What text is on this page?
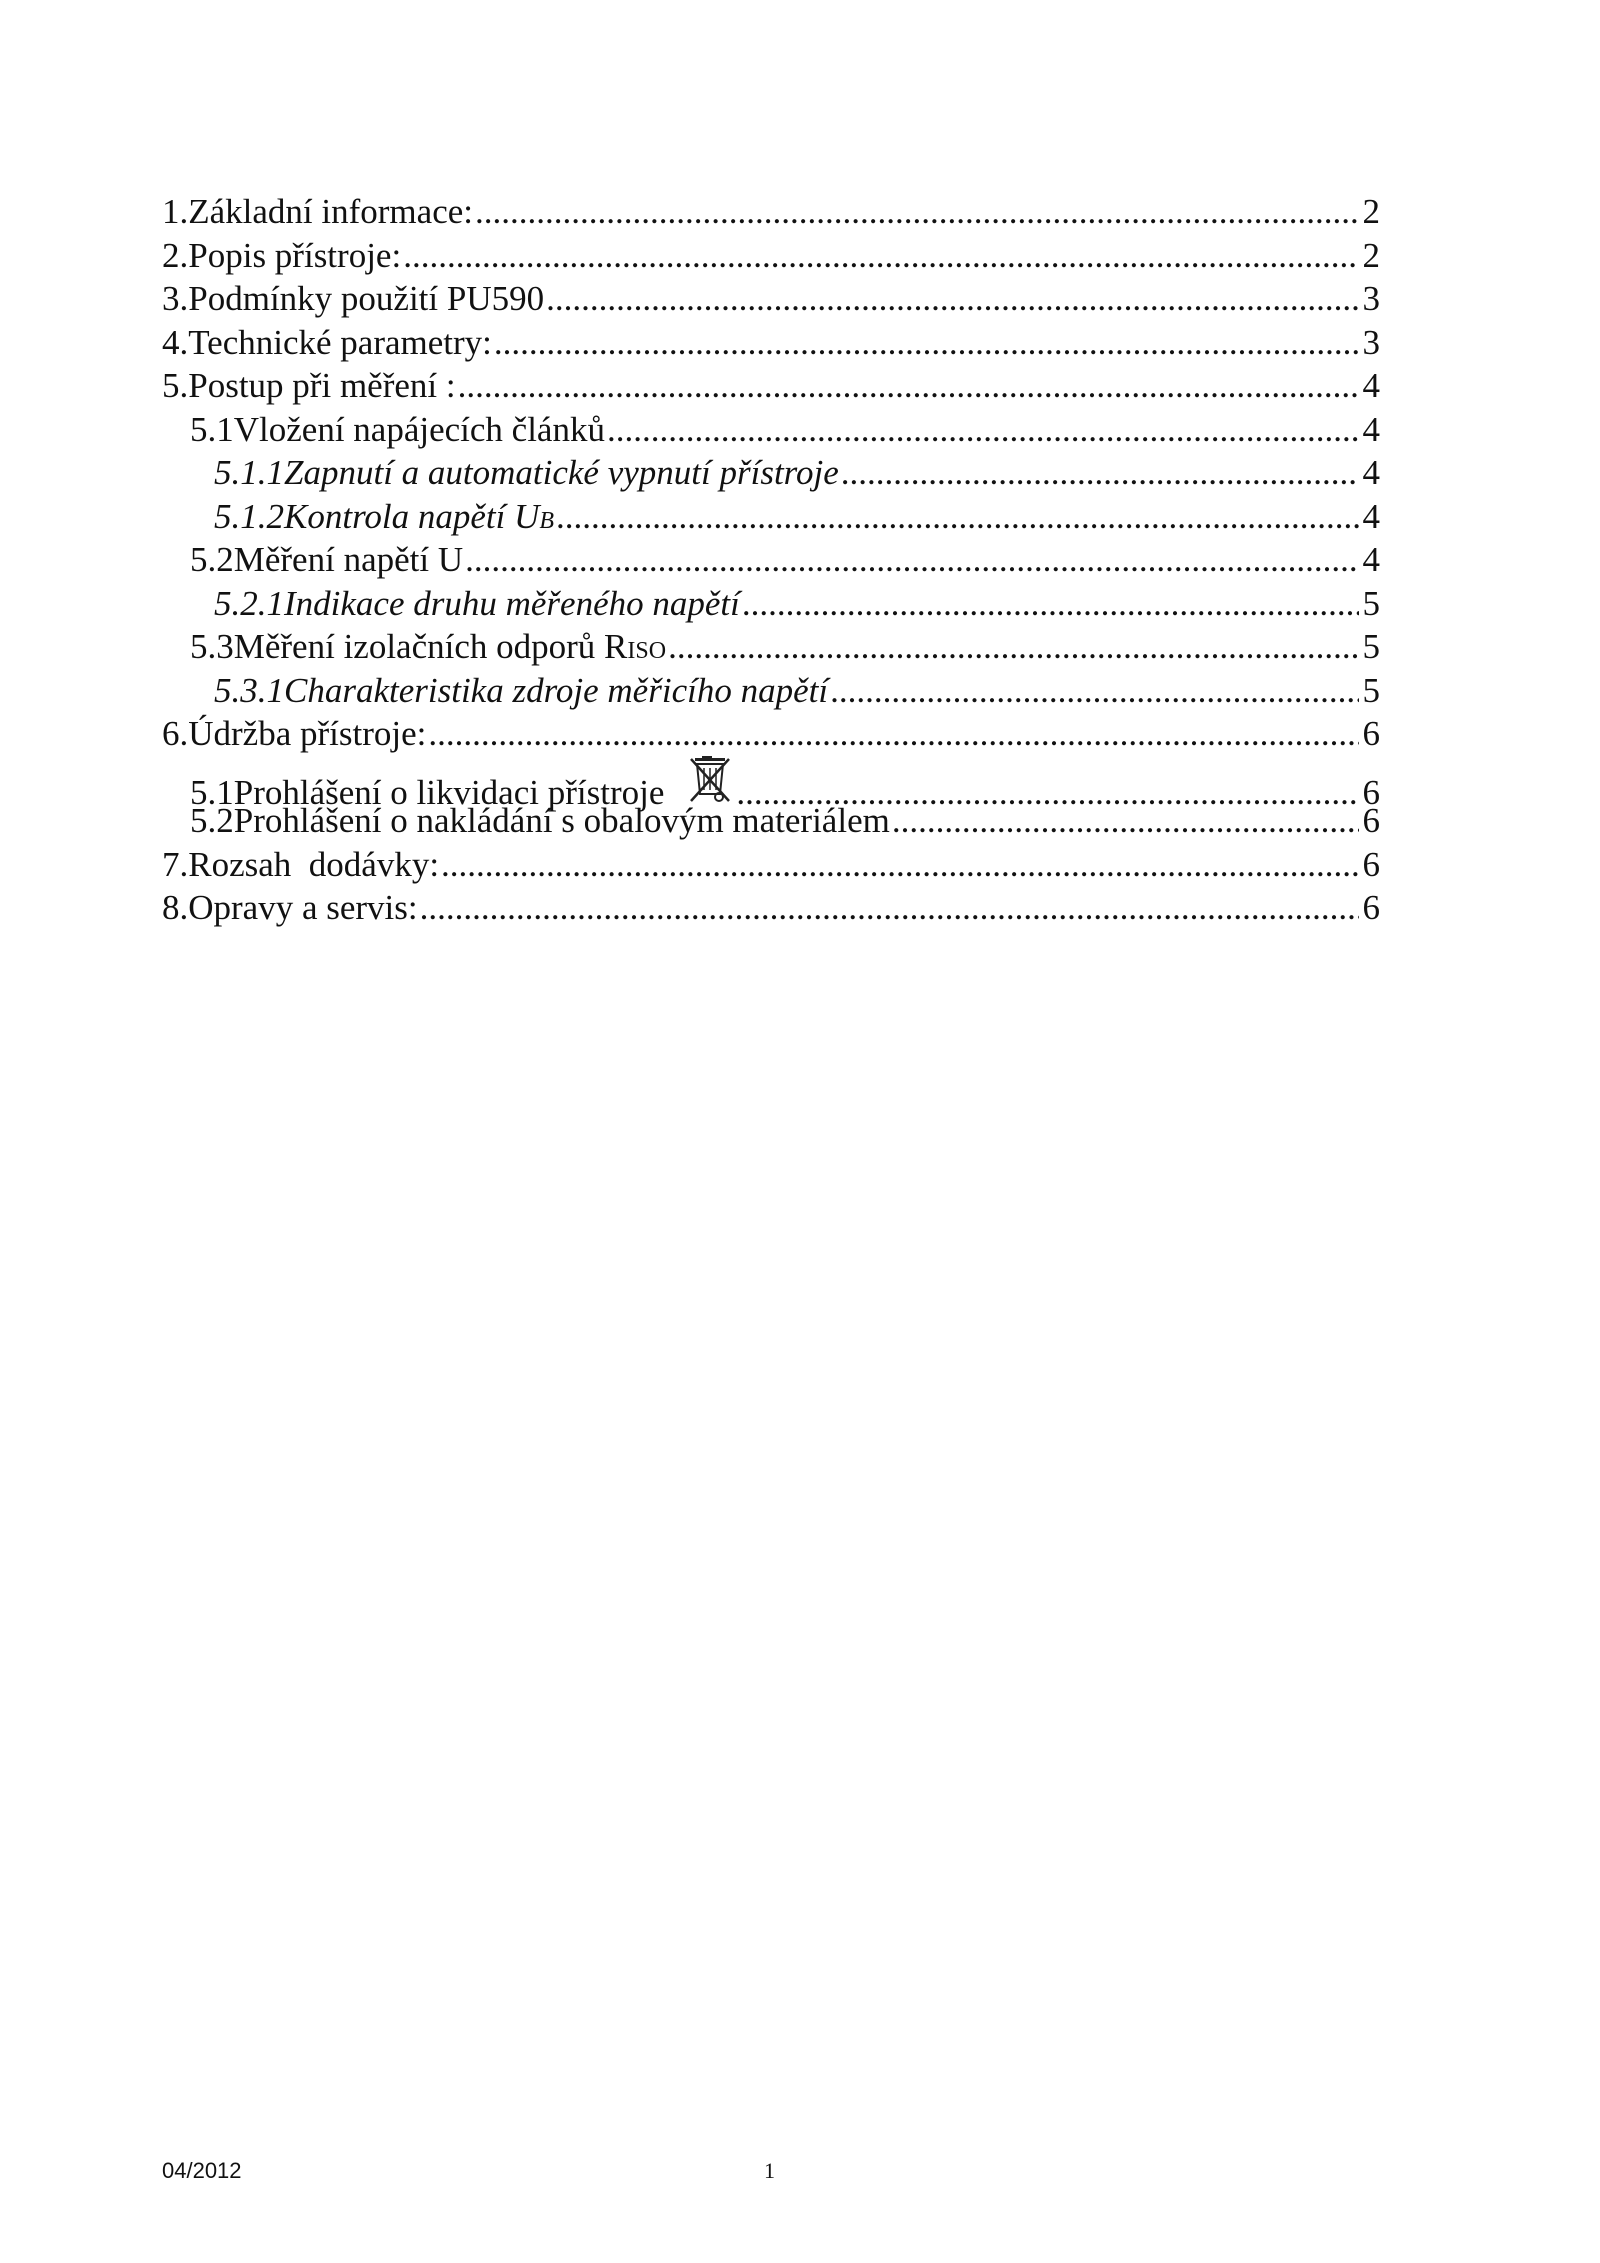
1. Základní informace: .....	2
2. Popis přístroje: .....	2
3. Podmínky použití PU590 .....	3
4. Technické parametry: .....	3
5. Postup při měření : .....	4
5.1 Vložení napájecích článků .....	4
5.1.1 Zapnutí a automatické vypnutí přístroje .....	4
5.1.2 Kontrola napětí UB .....	4
5.2 Měření napětí U .....	4
5.2.1 Indikace druhu měřeného napětí .....	5
5.3 Měření izolačních odporů RISO .....	5
5.3.1 Charakteristika zdroje měřicího napětí .....	5
6. Údržba přístroje: .....	6
5.1 Prohlášení o likvidaci přístroje .....	6
5.2 Prohlášení o nakládání s obalovým materiálem .....	6
7. Rozsah  dodávky: .....	6
8. Opravy a servis: .....	6
04/2012	1
